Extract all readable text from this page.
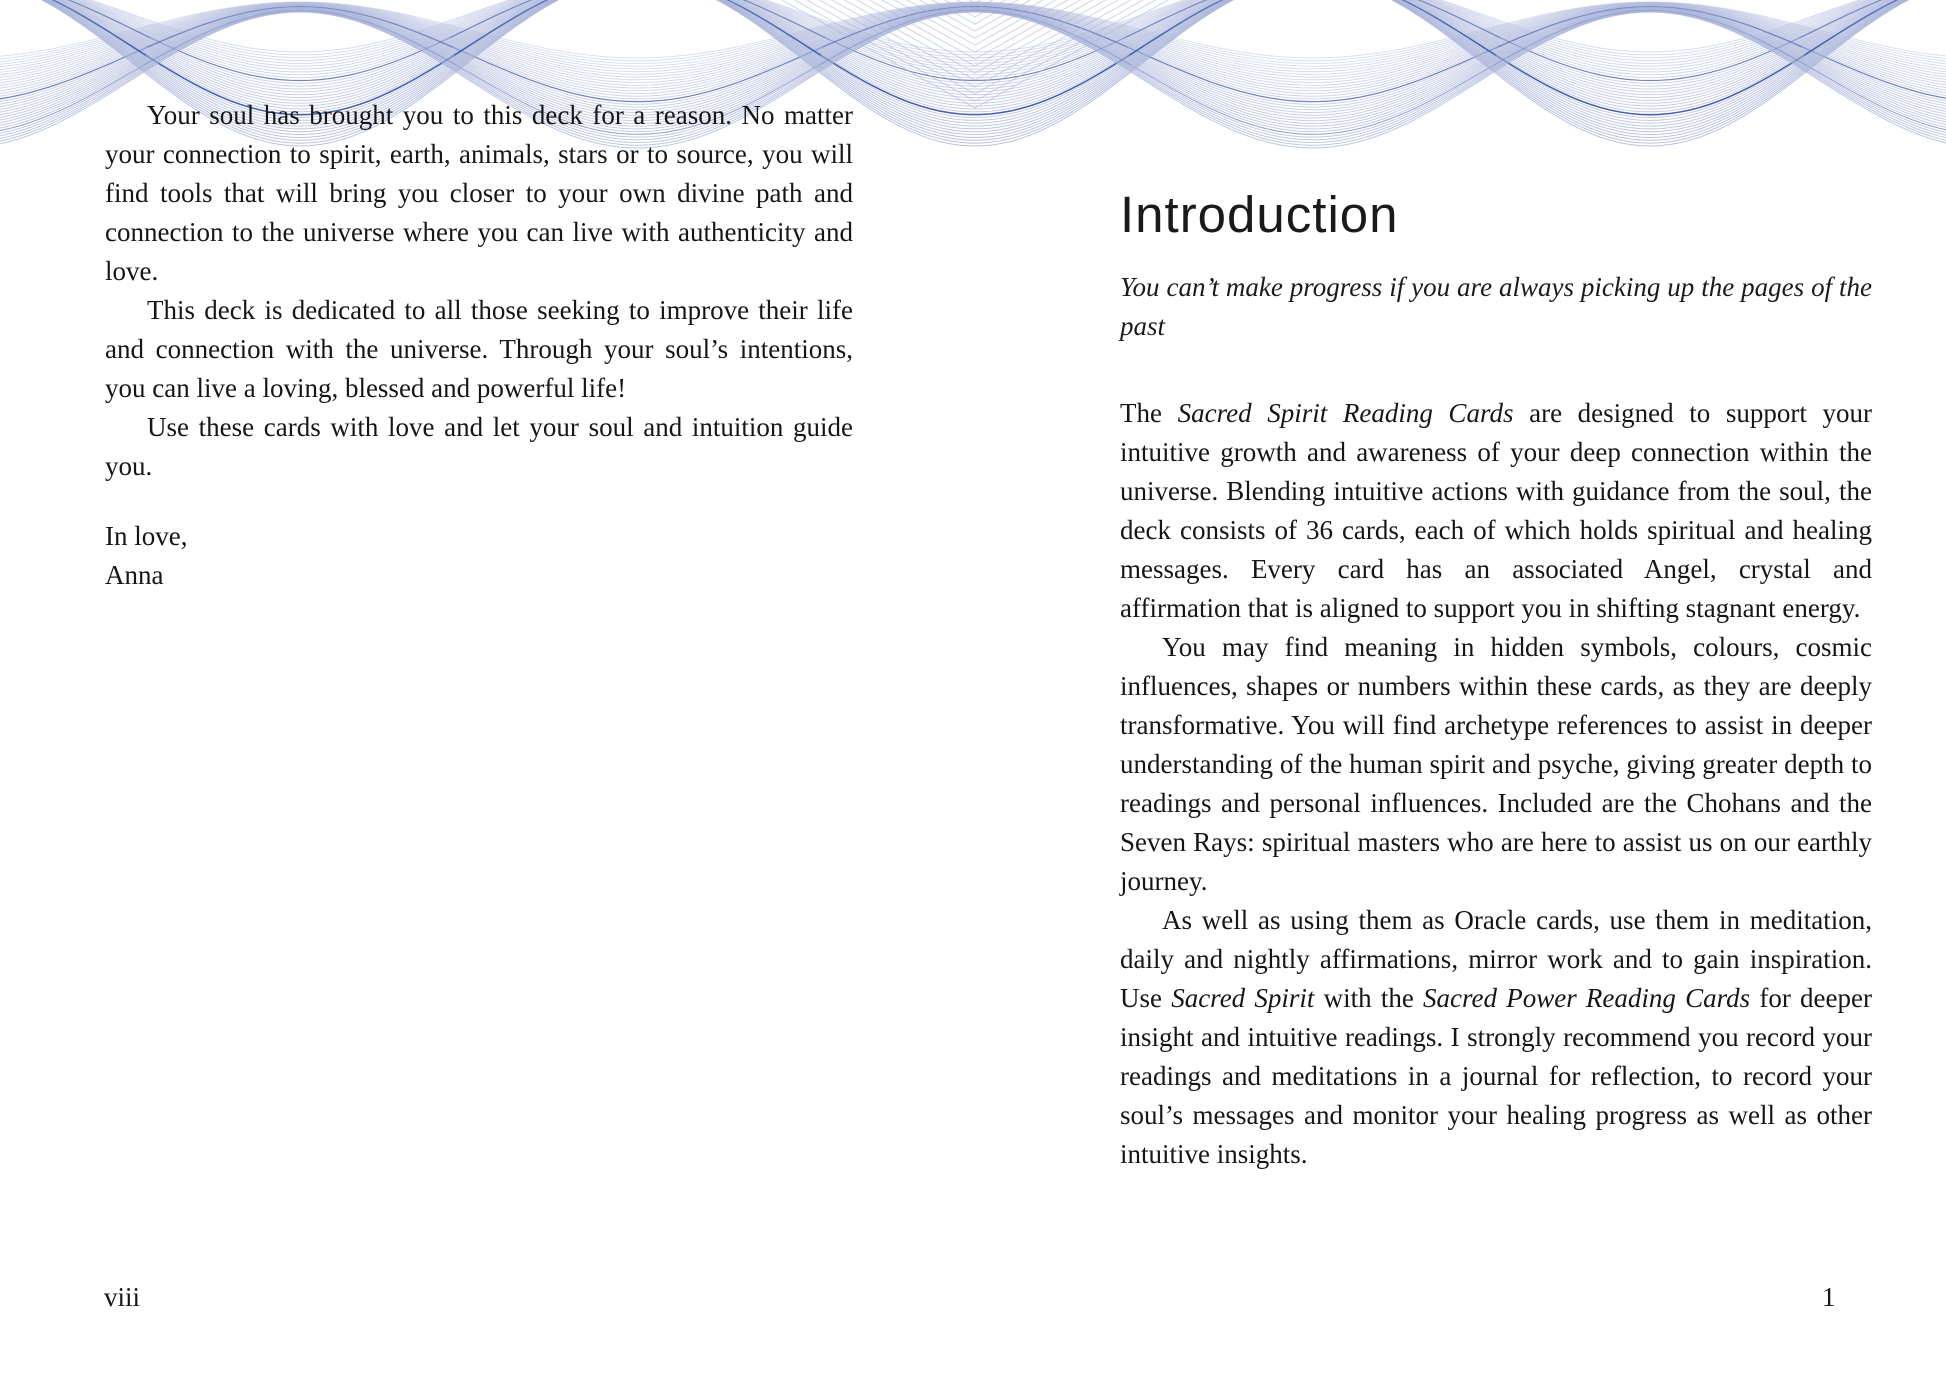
Your soul has brought you to this deck for a reason. No matter your connection to spirit, earth, animals, stars or to source, you will find tools that will bring you closer to your own divine path and connection to the universe where you can live with authenticity and love.

This deck is dedicated to all those seeking to improve their life and connection with the universe. Through your soul’s intentions, you can live a loving, blessed and powerful life!

Use these cards with love and let your soul and intuition guide you.

In love,
Anna
Introduction
You can’t make progress if you are always picking up the pages of the past

The Sacred Spirit Reading Cards are designed to support your intuitive growth and awareness of your deep connection within the universe. Blending intuitive actions with guidance from the soul, the deck consists of 36 cards, each of which holds spiritual and healing messages. Every card has an associated Angel, crystal and affirmation that is aligned to support you in shifting stagnant energy.

You may find meaning in hidden symbols, colours, cosmic influences, shapes or numbers within these cards, as they are deeply transformative. You will find archetype references to assist in deeper understanding of the human spirit and psyche, giving greater depth to readings and personal influences. Included are the Chohans and the Seven Rays: spiritual masters who are here to assist us on our earthly journey.

As well as using them as Oracle cards, use them in meditation, daily and nightly affirmations, mirror work and to gain inspiration. Use Sacred Spirit with the Sacred Power Reading Cards for deeper insight and intuitive readings. I strongly recommend you record your readings and meditations in a journal for reflection, to record your soul’s messages and monitor your healing progress as well as other intuitive insights.

viii	1
